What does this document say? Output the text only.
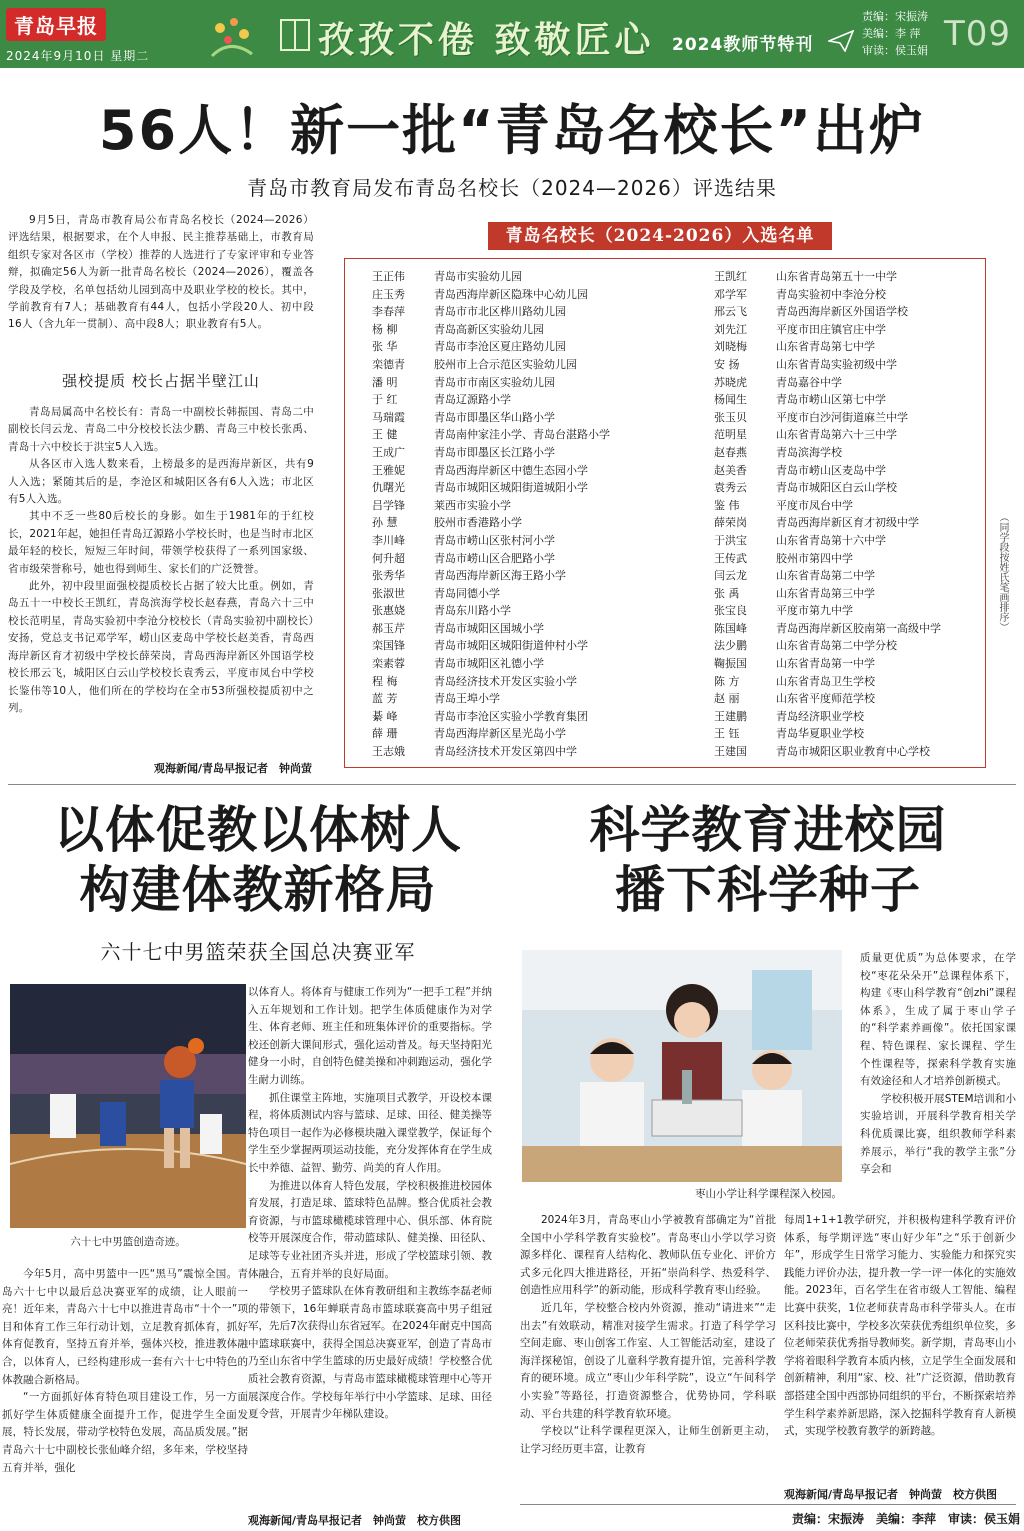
青岛早报
2024年9月10日 星期二	孜孜不倦 致敬匠心 2024教师节特刊
责编：宋振涛
美编：李 萍
审读：侯玉娟 T09
56人！新一批“青岛名校长”出炉
青岛市教育局发布青岛名校长（2024—2026）评选结果
9月5日，青岛市教育局公布青岛名校长（2024—2026）评选结果，根据要求，在个人申报、民主推荐基础上，市教育局组织专家对各区市（学校）推荐的人选进行了专家评审和专业答辩，拟确定56人为新一批青岛名校长（2024—2026），覆盖各学段及学校，名单包括幼儿园到高中及职业学校的校长。其中，学前教育有7人；基础教育有44人，包括小学段20人、初中段16人（含九年一贯制）、高中段8人；职业教育有5人。
强校提质 校长占据半壁江山

青岛局属高中名校长有：青岛一中副校长韩振国、青岛二中副校长闫云龙、青岛二中分校校长法少鹏、青岛三中校长张禹、青岛十六中校长于洪宝5人入选。

从各区市入选人数来看，上榜最多的是西海岸新区，共有9人入选；紧随其后的是，李沧区和城阳区各有6人入选；市北区有5人入选。

其中不乏一些80后校长的身影。如生于1981年的于红校长，2021年起，她担任青岛辽源路小学校长时，也是当时市北区最年轻的校长，短短三年时间，带领学校获得了一系列国家级、省市级荣誉称号，她也得到师生、家长们的广泛赞誉。

此外，初中段里面强校提质校长占据了较大比重。例如，青岛五十一中校长王凯红，青岛滨海学校长赵春燕，青岛六十三中校长范明星，青岛实验初中李沧分校校长（青岛实验初中副校长）安扬，党总支书记邓学军，崂山区麦岛中学校长赵美香，青岛西海岸新区育才初级中学校长薛荣岗，青岛西海岸新区外国语学校校长邢云飞，城阳区白云山学校校长袁秀云，平度市凤台中学校长鉴伟等10人，他们所在的学校均在全市53所强校提质初中之列。

观海新闻/青岛早报记者　钟尚萤
青岛名校长（2024-2026）入选名单
王正伟	青岛市实验幼儿园
庄玉秀	青岛西海岸新区隐珠中心幼儿园
李春萍	青岛市市北区桦川路幼儿园
杨 柳	青岛高新区实验幼儿园
张 华	青岛市李沧区夏庄路幼儿园
栾德青	胶州市上合示范区实验幼儿园
潘 明	青岛市市南区实验幼儿园
于 红	青岛辽源路小学
马瑞霞	青岛市即墨区华山路小学
王 健	青岛南仲家洼小学、青岛台湛路小学
王成广	青岛市即墨区长江路小学
王雅妮	青岛西海岸新区中德生态园小学
仇曙光	青岛市城阳区城阳街道城阳小学
吕学锋	莱西市实验小学
孙 慧	胶州市香港路小学
李川峰	青岛市崂山区张村河小学
何升超	青岛市崂山区合肥路小学
张秀华	青岛西海岸新区海王路小学
张淑世	青岛同德小学
张惠娆	青岛东川路小学
郝玉芹	青岛市城阳区国城小学
栾国锋	青岛市城阳区城阳街道仲村小学
栾素蓉	青岛市城阳区礼德小学
程 梅	青岛经济技术开发区实验小学
蓝 芳	青岛王埠小学
綦 峰	青岛市李沧区实验小学教育集团
薛 珊	青岛西海岸新区星光岛小学
王志娥	青岛经济技术开发区第四中学
王凯红	山东省青岛第五十一中学
邓学军	青岛实验初中李沧分校
邢云飞	青岛西海岸新区外国语学校
刘先江	平度市田庄镇官庄中学
刘晓梅	山东省青岛第七中学
安 扬	山东省青岛实验初级中学
苏晓虎	青岛嘉谷中学
杨闻生	青岛市崂山区第七中学
张玉贝	平度市白沙河街道麻兰中学
范明星	山东省青岛第六十三中学
赵春燕	青岛滨海学校
赵美香	青岛市崂山区麦岛中学
袁秀云	青岛市城阳区白云山学校
鉴 伟	平度市凤台中学
薛荣岗	青岛西海岸新区育才初级中学
于洪宝	山东省青岛第十六中学
王传武	胶州市第四中学
闫云龙	山东省青岛第二中学
张 禹	山东省青岛第三中学
张宝良	平度市第九中学
陈国峰	青岛西海岸新区胶南第一高级中学
法少鹏	山东省青岛第二中学分校
鞠振国	山东省青岛第一中学
陈 方	山东省青岛卫生学校
赵 丽	山东省平度师范学校
王建鹏	青岛经济职业学校
王 钰	青岛华夏职业学校
王建国	青岛市城阳区职业教育中心学校
（同学段按姓氏笔画排序）
以体促教以体树人
构建体教新格局
六十七中男篮荣获全国总决赛亚军
六十七中男篮创造奇迹。

今年5月，高中男篮中一匹“黑马”震惊全国。青岛六十七中以最后总决赛亚军的成绩，让人眼前一亮！近年来，青岛六十七中以推进青岛市“十个一”项目和体育工作三年行动计划，立足教育抓体育，抓好体育促教育，坚持五育并举，强体兴校，推进教体融合，以体育人，已经构建形成一套有六十七中特色的体教融合新格局。

“一方面抓好体育特色项目建设工作，另一方面抓好学生体质健康全面提升工作，促进学生全面发展，特长发展，带动学校特色发展，高品质发展。”据青岛六十七中副校长张仙峰介绍，多年来，学校坚持五育并举，强化

以体育人。将体育与健康工作列为“一把手工程”并纳入五年规划和工作计划。把学生体质健康作为对学生、体育老师、班主任和班集体评价的重要指标。学校还创新大课间形式，强化运动普及。每天坚持阳光健身一小时，自创特色健美操和冲刺跑运动，强化学生耐力训练。

抓住课堂主阵地，实施项目式教学，开设校本课程，将体质测试内容与篮球、足球、田径、健美操等特色项目一起作为必修模块融入课堂教学，保证每个学生至少掌握两项运动技能，充分发挥体育在学生成长中养德、益智、勤劳、尚美的育人作用。

为推进以体育人特色发展，学校积极推进校园体育发展，打造足球、篮球特色品牌。整合优质社会教育资源，与市篮球橄榄球管理中心、俱乐部、体育院校等开展深度合作，带动篮球队、健美操、田径队、足球等专业社团齐头并进，形成了学校篮球引领、教体融合，五育并举的良好局面。

学校男子篮球队在体育教研组和主教练李磊老师的带领下，16年蝉联青岛市篮球联赛高中男子组冠军，先后7次获得山东省冠军。在2024年耐克中国高中篮球联赛中，获得全国总决赛亚军，创造了青岛市乃至山东省中学生篮球的历史最好成绩！学校整合优质社会教育资源，与青岛市篮球橄榄球管理中心等开展深度合作。学校每年举行中小学篮球、足球、田径夏令营，开展青少年梯队建设。

观海新闻/青岛早报记者　钟尚萤　校方供图
科学教育进校园
播下科学种子
枣山小学让科学课程深入校园。

质量更优质”为总体要求，在学校“枣花朵朵开”总课程体系下，构建《枣山科学教育“创zhi”课程体系》，生成了属于枣山学子的“科学素养画像”。依托国家课程、特色课程、家长课程、学生个性课程等，探索科学教育实施有效途径和人才培养创新模式。

学校积极开展STEM培训和小实验培训，开展科学教育相关学科优质课比赛，组织教师学科素养展示，举行“我的教学主张”分享会和

2024年3月，青岛枣山小学被教育部确定为“首批全国中小学科学教育实验校”。青岛枣山小学以学习资源多样化、课程育人结构化、教师队伍专业化、评价方式多元化四大推进路径，开拓“崇尚科学、热爱科学、创造性应用科学”的新动能，形成科学教育枣山经验。

近几年，学校整合校内外资源，推动“请进来”“走出去”有效联动，精准对接学生需求。打造了科学学习空间走廊、枣山创客工作室、人工智能活动室，建设了海洋探秘馆，创设了儿童科学教育提升馆，完善科学教育的硬环境。成立“枣山少年科学院”，设立“午间科学小实验”等路径，打造资源整合，优势协同，学科联动、平台共建的科学教育软环境。

学校以“让科学课程更深入，让师生创新更主动，让学习经历更丰富，让教育

每周1+1+1教学研究，并积极构建科学教育评价体系，每学期评选“枣山好少年”之“乐于创新少年”，形成学生日常学习能力、实验能力和探究实践能力评价办法，提升教一学一评一体化的实施效能。2023年，百名学生在省市级人工智能、编程比赛中获奖，1位老师获青岛市科学带头人。在市区科技比赛中，学校多次荣获优秀组织单位奖，多位老师荣获优秀指导教师奖。新学期，青岛枣山小学将着眼科学教育本质内核，立足学生全面发展和创新精神，利用“家、校、社”广泛资源，借助教育部搭建全国中西部协同组织的平台，不断探索培养学生科学素养新思路，深入挖掘科学教育育人新模式，实现学校教育教学的新跨越。

观海新闻/青岛早报记者　钟尚萤　校方供图
责编：宋振涛　美编：李萍　审读：侯玉娟
